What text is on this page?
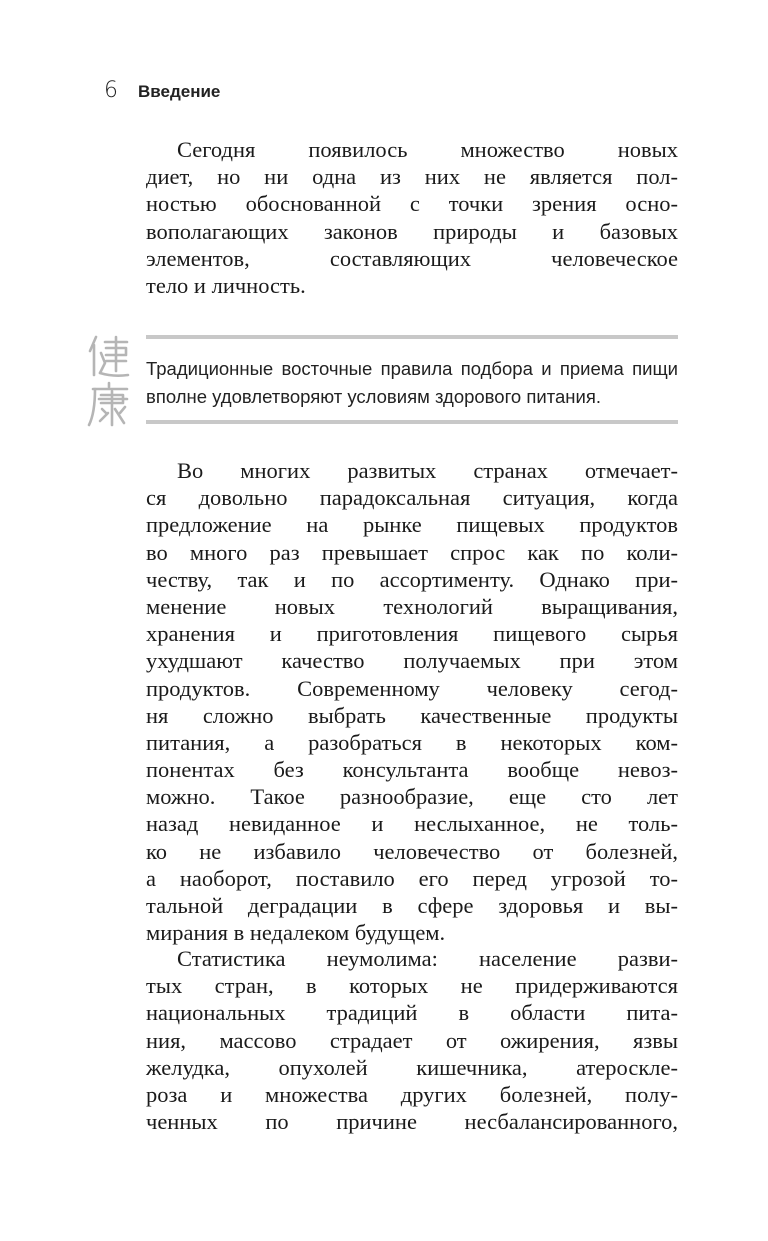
6 Введение
Сегодня появилось множество новых
диет, но ни одна из них не является пол-
ностью обоснованной с точки зрения осно-
вополагающих законов природы и базовых
элементов, составляющих человеческое
тело и личность.
Традиционные восточные правила подбора и приема пищи
вполне удовлетворяют условиям здорового питания.
Во многих развитых странах отмечает-
ся довольно парадоксальная ситуация, когда
предложение на рынке пищевых продуктов
во много раз превышает спрос как по коли-
честву, так и по ассортименту. Однако при-
менение новых технологий выращивания,
хранения и приготовления пищевого сырья
ухудшают качество получаемых при этом
продуктов. Современному человеку сегод-
ня сложно выбрать качественные продукты
питания, а разобраться в некоторых ком-
понентах без консультанта вообще невоз-
можно. Такое разнообразие, еще сто лет
назад невиданное и неслыханное, не толь-
ко не избавило человечество от болезней,
а наоборот, поставило его перед угрозой то-
тальной деградации в сфере здоровья и вы-
мирания в недалеком будущем.
Статистика неумолима: население разви-
тых стран, в которых не придерживаются
национальных традиций в области пита-
ния, массово страдает от ожирения, язвы
желудка, опухолей кишечника, атероскле-
роза и множества других болезней, полу-
ченных по причине несбалансированного,
